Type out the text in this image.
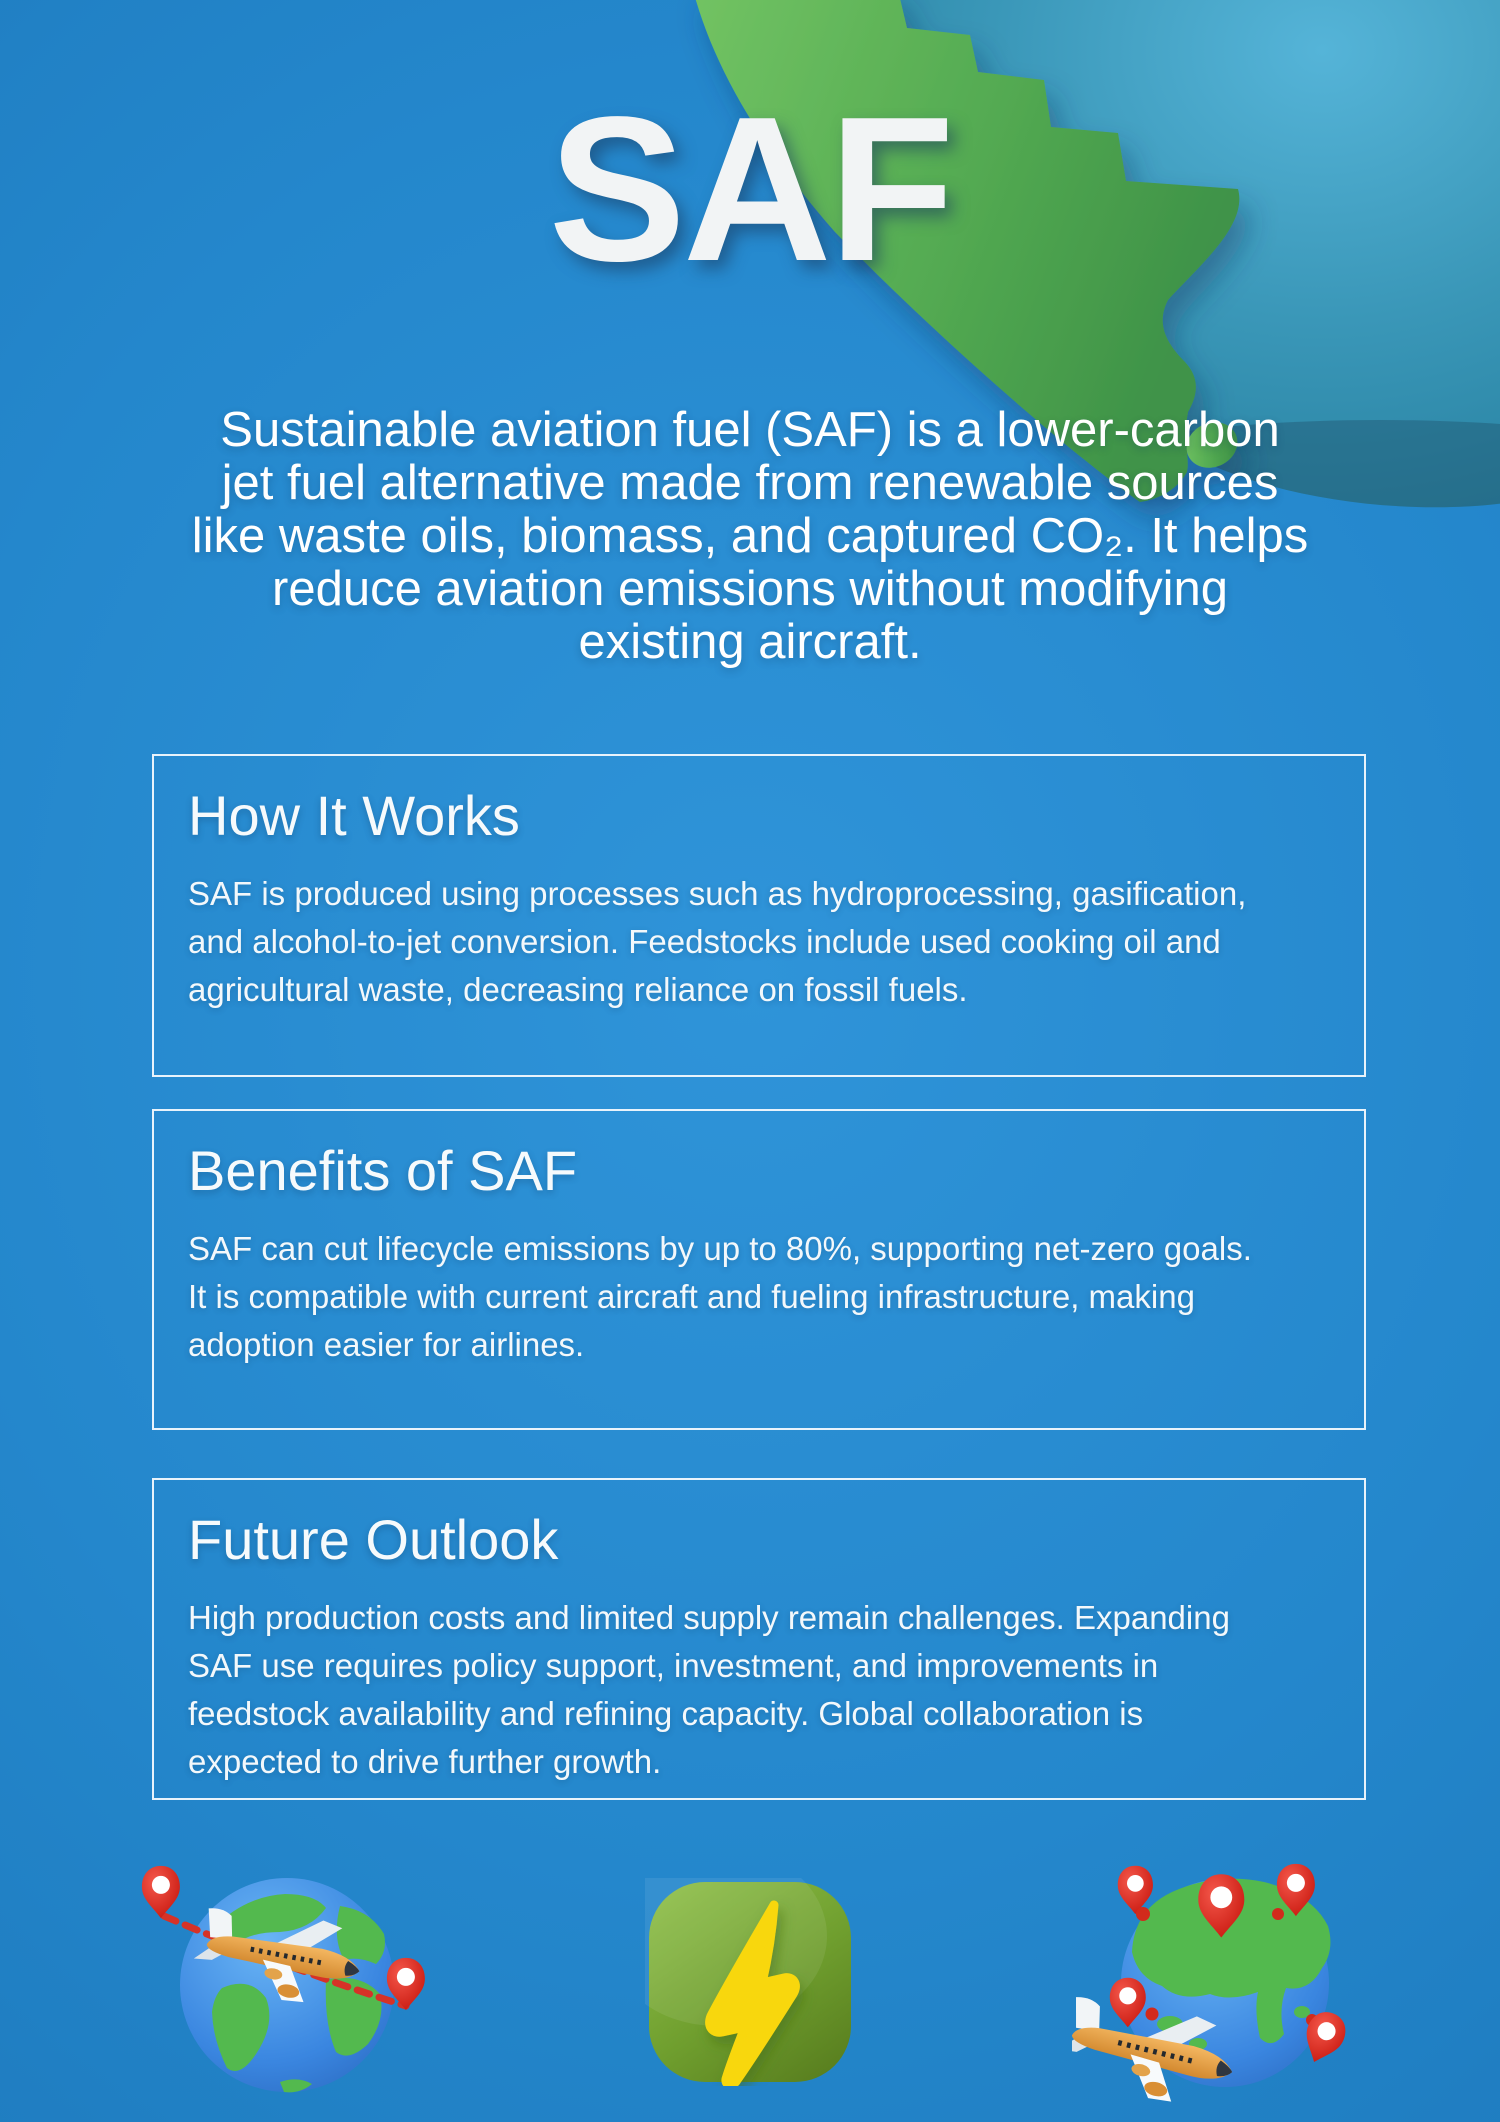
SAF
Sustainable aviation fuel (SAF) is a lower-carbon
jet fuel alternative made from renewable sources
like waste oils, biomass, and captured CO₂. It helps
reduce aviation emissions without modifying
existing aircraft.
How It Works
SAF is produced using processes such as hydroprocessing, gasification,
and alcohol-to-jet conversion. Feedstocks include used cooking oil and
agricultural waste, decreasing reliance on fossil fuels.
Benefits of SAF
SAF can cut lifecycle emissions by up to 80%, supporting net-zero goals.
It is compatible with current aircraft and fueling infrastructure, making
adoption easier for airlines.
Future Outlook
High production costs and limited supply remain challenges. Expanding
SAF use requires policy support, investment, and improvements in
feedstock availability and refining capacity. Global collaboration is
expected to drive further growth.
